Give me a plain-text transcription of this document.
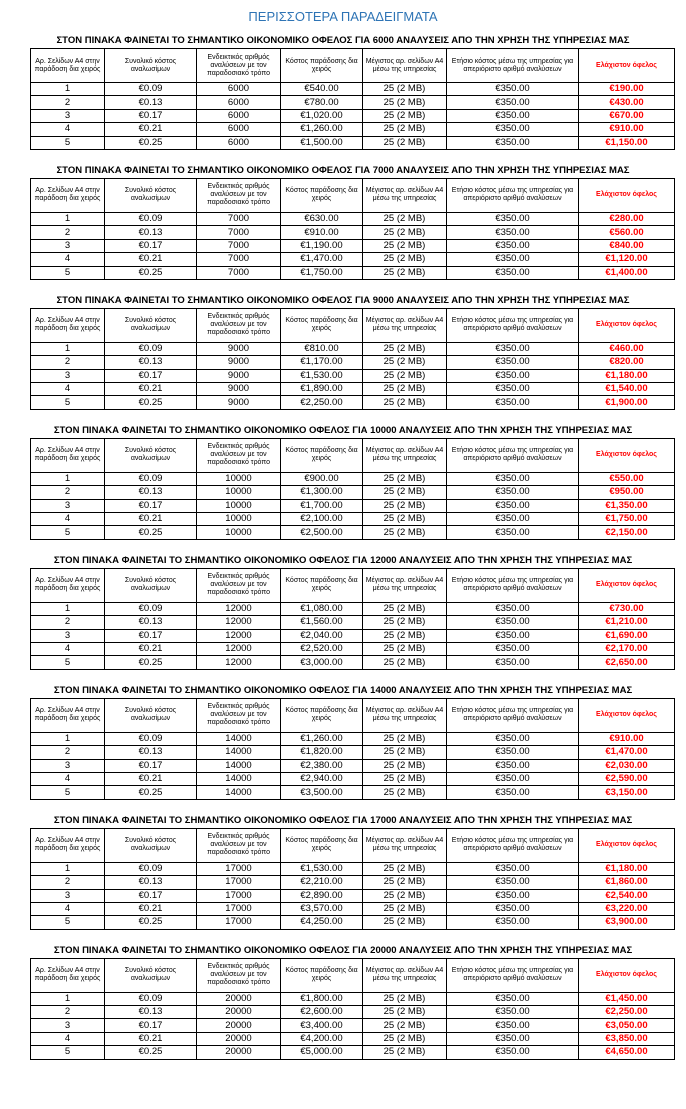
ΠΕΡΙΣΣΟΤΕΡΑ ΠΑΡΑΔΕΙΓΜΑΤΑ
ΣΤΟΝ ΠΙΝΑΚΑ ΦΑΙΝΕΤΑΙ ΤΟ ΣΗΜΑΝΤΙΚΟ ΟΙΚΟΝΟΜΙΚΟ ΟΦΕΛΟΣ ΓΙΑ 6000 ΑΝΑΛΥΣΕΙΣ ΑΠΟ ΤΗΝ ΧΡΗΣΗ ΤΗΣ ΥΠΗΡΕΣΙΑΣ ΜΑΣ
Αρ. Σελίδων Α4 στην παράδοση δια χειρός	Συνολικό κόστος αναλωσίμων	Ενδεικτικός αριθμός αναλύσεων με τον παραδοσιακό τρόπο	Κόστος παράδοσης δια χειρός	Μέγιστος αρ. σελίδων Α4 μέσω της υπηρεσίας	Ετήσιο κόστος μέσω της υπηρεσίας για απεριόριστο αριθμό αναλύσεων	Ελάχιστον όφελος
1	€0.09	6000	€540.00	25 (2 MB)	€350.00	€190.00
2	€0.13	6000	€780.00	25 (2 MB)	€350.00	€430.00
3	€0.17	6000	€1,020.00	25 (2 MB)	€350.00	€670.00
4	€0.21	6000	€1,260.00	25 (2 MB)	€350.00	€910.00
5	€0.25	6000	€1,500.00	25 (2 MB)	€350.00	€1,150.00
ΣΤΟΝ ΠΙΝΑΚΑ ΦΑΙΝΕΤΑΙ ΤΟ ΣΗΜΑΝΤΙΚΟ ΟΙΚΟΝΟΜΙΚΟ ΟΦΕΛΟΣ ΓΙΑ 7000 ΑΝΑΛΥΣΕΙΣ ΑΠΟ ΤΗΝ ΧΡΗΣΗ ΤΗΣ ΥΠΗΡΕΣΙΑΣ ΜΑΣ
Αρ. Σελίδων Α4 στην παράδοση δια χειρός	Συνολικό κόστος αναλωσίμων	Ενδεικτικός αριθμός αναλύσεων με τον παραδοσιακό τρόπο	Κόστος παράδοσης δια χειρός	Μέγιστος αρ. σελίδων Α4 μέσω της υπηρεσίας	Ετήσιο κόστος μέσω της υπηρεσίας για απεριόριστο αριθμό αναλύσεων	Ελάχιστον όφελος
1	€0.09	7000	€630.00	25 (2 MB)	€350.00	€280.00
2	€0.13	7000	€910.00	25 (2 MB)	€350.00	€560.00
3	€0.17	7000	€1,190.00	25 (2 MB)	€350.00	€840.00
4	€0.21	7000	€1,470.00	25 (2 MB)	€350.00	€1,120.00
5	€0.25	7000	€1,750.00	25 (2 MB)	€350.00	€1,400.00
ΣΤΟΝ ΠΙΝΑΚΑ ΦΑΙΝΕΤΑΙ ΤΟ ΣΗΜΑΝΤΙΚΟ ΟΙΚΟΝΟΜΙΚΟ ΟΦΕΛΟΣ ΓΙΑ 9000 ΑΝΑΛΥΣΕΙΣ ΑΠΟ ΤΗΝ ΧΡΗΣΗ ΤΗΣ ΥΠΗΡΕΣΙΑΣ ΜΑΣ
Αρ. Σελίδων Α4 στην παράδοση δια χειρός	Συνολικό κόστος αναλωσίμων	Ενδεικτικός αριθμός αναλύσεων με τον παραδοσιακό τρόπο	Κόστος παράδοσης δια χειρός	Μέγιστος αρ. σελίδων Α4 μέσω της υπηρεσίας	Ετήσιο κόστος μέσω της υπηρεσίας για απεριόριστο αριθμό αναλύσεων	Ελάχιστον όφελος
1	€0.09	9000	€810.00	25 (2 MB)	€350.00	€460.00
2	€0.13	9000	€1,170.00	25 (2 MB)	€350.00	€820.00
3	€0.17	9000	€1,530.00	25 (2 MB)	€350.00	€1,180.00
4	€0.21	9000	€1,890.00	25 (2 MB)	€350.00	€1,540.00
5	€0.25	9000	€2,250.00	25 (2 MB)	€350.00	€1,900.00
ΣΤΟΝ ΠΙΝΑΚΑ ΦΑΙΝΕΤΑΙ ΤΟ ΣΗΜΑΝΤΙΚΟ ΟΙΚΟΝΟΜΙΚΟ ΟΦΕΛΟΣ ΓΙΑ 10000 ΑΝΑΛΥΣΕΙΣ ΑΠΟ ΤΗΝ ΧΡΗΣΗ ΤΗΣ ΥΠΗΡΕΣΙΑΣ ΜΑΣ
Αρ. Σελίδων Α4 στην παράδοση δια χειρός	Συνολικό κόστος αναλωσίμων	Ενδεικτικός αριθμός αναλύσεων με τον παραδοσιακό τρόπο	Κόστος παράδοσης δια χειρός	Μέγιστος αρ. σελίδων Α4 μέσω της υπηρεσίας	Ετήσιο κόστος μέσω της υπηρεσίας για απεριόριστο αριθμό αναλύσεων	Ελάχιστον όφελος
1	€0.09	10000	€900.00	25 (2 MB)	€350.00	€550.00
2	€0.13	10000	€1,300.00	25 (2 MB)	€350.00	€950.00
3	€0.17	10000	€1,700.00	25 (2 MB)	€350.00	€1,350.00
4	€0.21	10000	€2,100.00	25 (2 MB)	€350.00	€1,750.00
5	€0.25	10000	€2,500.00	25 (2 MB)	€350.00	€2,150.00
ΣΤΟΝ ΠΙΝΑΚΑ ΦΑΙΝΕΤΑΙ ΤΟ ΣΗΜΑΝΤΙΚΟ ΟΙΚΟΝΟΜΙΚΟ ΟΦΕΛΟΣ ΓΙΑ 12000 ΑΝΑΛΥΣΕΙΣ ΑΠΟ ΤΗΝ ΧΡΗΣΗ ΤΗΣ ΥΠΗΡΕΣΙΑΣ ΜΑΣ
Αρ. Σελίδων Α4 στην παράδοση δια χειρός	Συνολικό κόστος αναλωσίμων	Ενδεικτικός αριθμός αναλύσεων με τον παραδοσιακό τρόπο	Κόστος παράδοσης δια χειρός	Μέγιστος αρ. σελίδων Α4 μέσω της υπηρεσίας	Ετήσιο κόστος μέσω της υπηρεσίας για απεριόριστο αριθμό αναλύσεων	Ελάχιστον όφελος
1	€0.09	12000	€1,080.00	25 (2 MB)	€350.00	€730.00
2	€0.13	12000	€1,560.00	25 (2 MB)	€350.00	€1,210.00
3	€0.17	12000	€2,040.00	25 (2 MB)	€350.00	€1,690.00
4	€0.21	12000	€2,520.00	25 (2 MB)	€350.00	€2,170.00
5	€0.25	12000	€3,000.00	25 (2 MB)	€350.00	€2,650.00
ΣΤΟΝ ΠΙΝΑΚΑ ΦΑΙΝΕΤΑΙ ΤΟ ΣΗΜΑΝΤΙΚΟ ΟΙΚΟΝΟΜΙΚΟ ΟΦΕΛΟΣ ΓΙΑ 14000 ΑΝΑΛΥΣΕΙΣ ΑΠΟ ΤΗΝ ΧΡΗΣΗ ΤΗΣ ΥΠΗΡΕΣΙΑΣ ΜΑΣ
Αρ. Σελίδων Α4 στην παράδοση δια χειρός	Συνολικό κόστος αναλωσίμων	Ενδεικτικός αριθμός αναλύσεων με τον παραδοσιακό τρόπο	Κόστος παράδοσης δια χειρός	Μέγιστος αρ. σελίδων Α4 μέσω της υπηρεσίας	Ετήσιο κόστος μέσω της υπηρεσίας για απεριόριστο αριθμό αναλύσεων	Ελάχιστον όφελος
1	€0.09	14000	€1,260.00	25 (2 MB)	€350.00	€910.00
2	€0.13	14000	€1,820.00	25 (2 MB)	€350.00	€1,470.00
3	€0.17	14000	€2,380.00	25 (2 MB)	€350.00	€2,030.00
4	€0.21	14000	€2,940.00	25 (2 MB)	€350.00	€2,590.00
5	€0.25	14000	€3,500.00	25 (2 MB)	€350.00	€3,150.00
ΣΤΟΝ ΠΙΝΑΚΑ ΦΑΙΝΕΤΑΙ ΤΟ ΣΗΜΑΝΤΙΚΟ ΟΙΚΟΝΟΜΙΚΟ ΟΦΕΛΟΣ ΓΙΑ 17000 ΑΝΑΛΥΣΕΙΣ ΑΠΟ ΤΗΝ ΧΡΗΣΗ ΤΗΣ ΥΠΗΡΕΣΙΑΣ ΜΑΣ
Αρ. Σελίδων Α4 στην παράδοση δια χειρός	Συνολικό κόστος αναλωσίμων	Ενδεικτικός αριθμός αναλύσεων με τον παραδοσιακό τρόπο	Κόστος παράδοσης δια χειρός	Μέγιστος αρ. σελίδων Α4 μέσω της υπηρεσίας	Ετήσιο κόστος μέσω της υπηρεσίας για απεριόριστο αριθμό αναλύσεων	Ελάχιστον όφελος
1	€0.09	17000	€1,530.00	25 (2 MB)	€350.00	€1,180.00
2	€0.13	17000	€2,210.00	25 (2 MB)	€350.00	€1,860.00
3	€0.17	17000	€2,890.00	25 (2 MB)	€350.00	€2,540.00
4	€0.21	17000	€3,570.00	25 (2 MB)	€350.00	€3,220.00
5	€0.25	17000	€4,250.00	25 (2 MB)	€350.00	€3,900.00
ΣΤΟΝ ΠΙΝΑΚΑ ΦΑΙΝΕΤΑΙ ΤΟ ΣΗΜΑΝΤΙΚΟ ΟΙΚΟΝΟΜΙΚΟ ΟΦΕΛΟΣ ΓΙΑ 20000 ΑΝΑΛΥΣΕΙΣ ΑΠΟ ΤΗΝ ΧΡΗΣΗ ΤΗΣ ΥΠΗΡΕΣΙΑΣ ΜΑΣ
Αρ. Σελίδων Α4 στην παράδοση δια χειρός	Συνολικό κόστος αναλωσίμων	Ενδεικτικός αριθμός αναλύσεων με τον παραδοσιακό τρόπο	Κόστος παράδοσης δια χειρός	Μέγιστος αρ. σελίδων Α4 μέσω της υπηρεσίας	Ετήσιο κόστος μέσω της υπηρεσίας για απεριόριστο αριθμό αναλύσεων	Ελάχιστον όφελος
1	€0.09	20000	€1,800.00	25 (2 MB)	€350.00	€1,450.00
2	€0.13	20000	€2,600.00	25 (2 MB)	€350.00	€2,250.00
3	€0.17	20000	€3,400.00	25 (2 MB)	€350.00	€3,050.00
4	€0.21	20000	€4,200.00	25 (2 MB)	€350.00	€3,850.00
5	€0.25	20000	€5,000.00	25 (2 MB)	€350.00	€4,650.00
